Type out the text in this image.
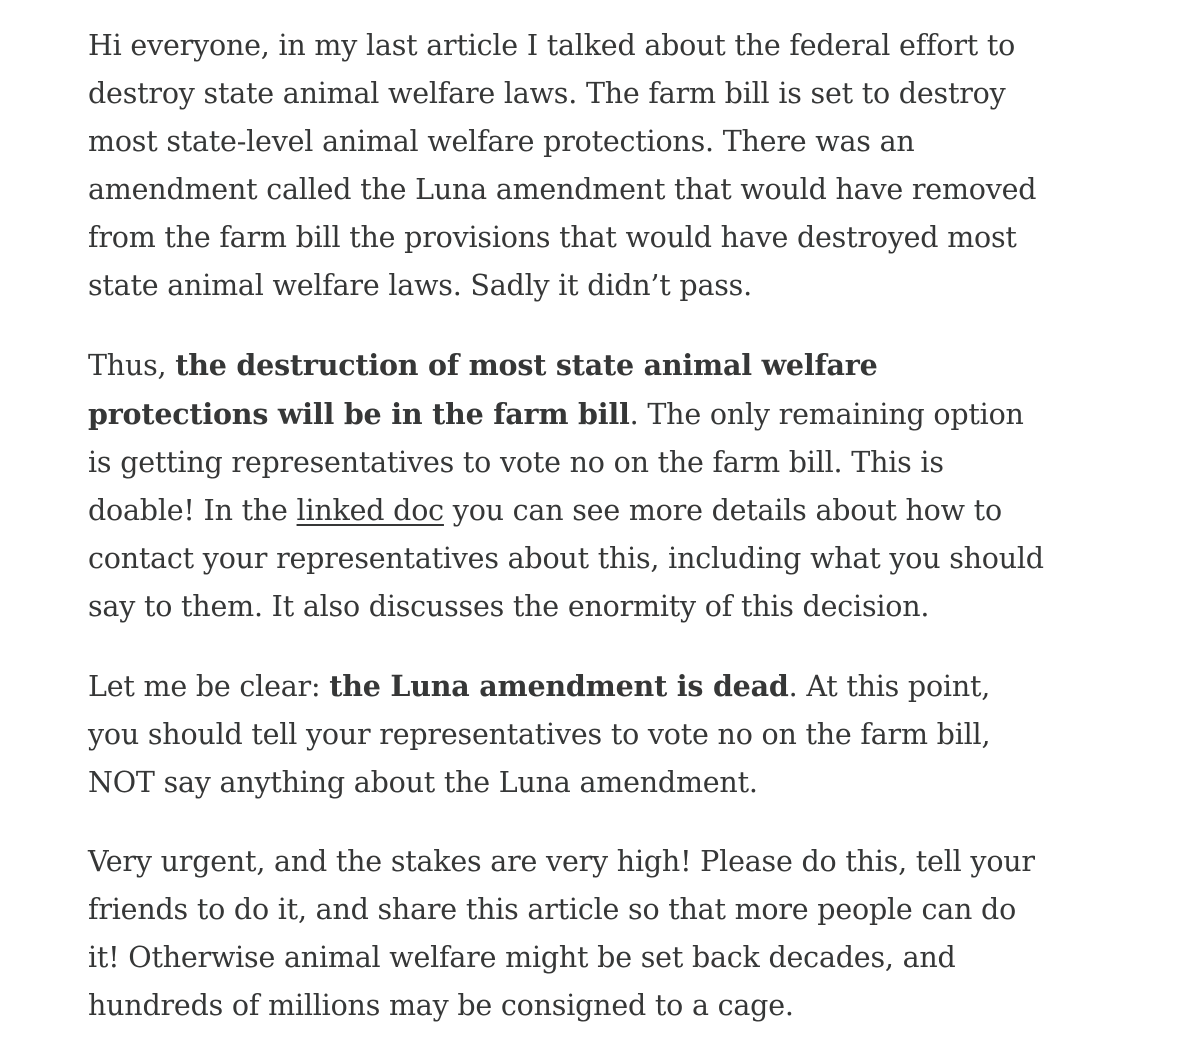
Hi everyone, in my last article I talked about the federal effort to destroy state animal welfare laws. The farm bill is set to destroy most state-level animal welfare protections. There was an amendment called the Luna amendment that would have removed from the farm bill the provisions that would have destroyed most state animal welfare laws. Sadly it didn’t pass.

Thus, the destruction of most state animal welfare protections will be in the farm bill. The only remaining option is getting representatives to vote no on the farm bill. This is doable! In the linked doc you can see more details about how to contact your representatives about this, including what you should say to them. It also discusses the enormity of this decision.

Let me be clear: the Luna amendment is dead. At this point, you should tell your representatives to vote no on the farm bill, NOT say anything about the Luna amendment.

Very urgent, and the stakes are very high! Please do this, tell your friends to do it, and share this article so that more people can do it! Otherwise animal welfare might be set back decades, and hundreds of millions may be consigned to a cage.
